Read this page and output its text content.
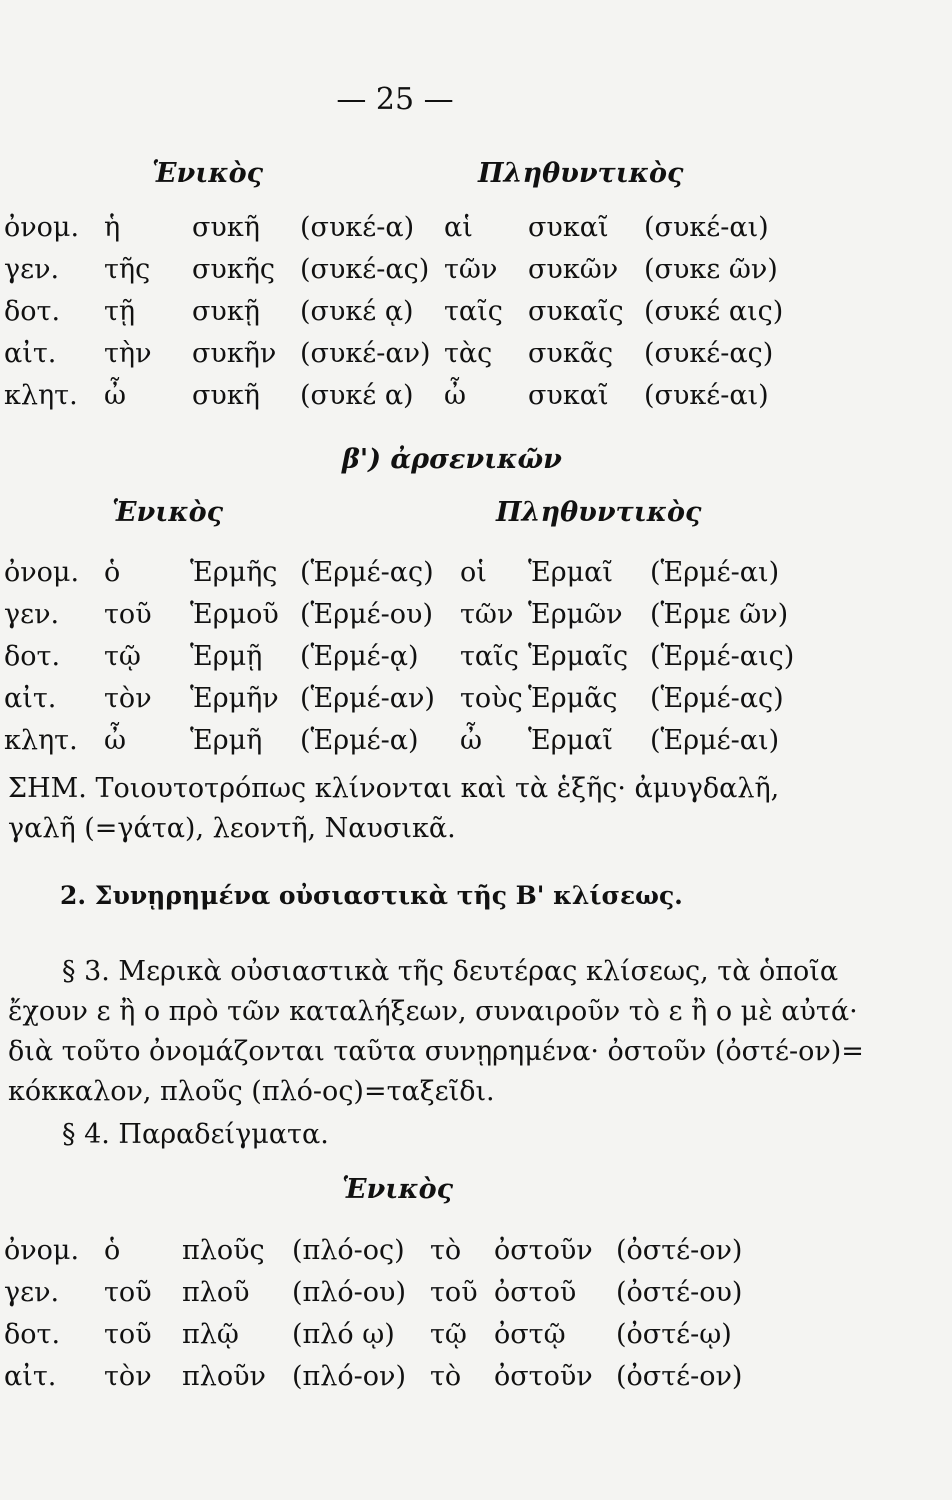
— 25 —
Ἑνικὸς	Πληθυντικὸς
ὀνομ. ἡ	συκῆ (συκέ-α) αἱ συκαῖ (συκέ-αι)
γεν. τῆς συκῆς (συκέ-ας) τῶν συκῶν (συκε ῶν)
δοτ. τῇ συκῇ (συκέ ᾳ) ταῖς συκαῖς (συκέ αις)
αἰτ. τὴν συκῆν (συκέ-αν) τὰς συκᾶς (συκέ-ας)
κλητ. ὦ συκῆ (συκέ α) ὦ συκαῖ (συκέ-αι)
β') ἀρσενικῶν
Ἑνικὸς	Πληθυντικὸς
ὀνομ. ὁ	Ἑρμῆς (Ἑρμέ-ας) οἱ Ἑρμαῖ (Ἑρμέ-αι)
γεν. τοῦ Ἑρμοῦ (Ἑρμέ-ου) τῶν Ἑρμῶν (Ἑρμε ῶν)
δοτ. τῷ Ἑρμῇ (Ἑρμέ-ᾳ) ταῖς Ἑρμαῖς (Ἑρμέ-αις)
αἰτ. τὸν Ἑρμῆν (Ἑρμέ-αν) τοὺς Ἑρμᾶς (Ἑρμέ-ας)
κλητ. ὦ Ἑρμῆ (Ἑρμέ-α) ὦ Ἑρμαῖ (Ἑρμέ-αι)
ΣΗΜ. Τοιουτοτρόπως κλίνονται καὶ τὰ ἑξῆς· ἀμυγδαλῆ,
γαλῆ (=γάτα), λεοντῆ, Ναυσικᾶ.
2. Συνῃρημένα οὐσιαστικὰ τῆς Β' κλίσεως.
§ 3. Μερικὰ οὐσιαστικὰ τῆς δευτέρας κλίσεως, τὰ ὁποῖα
ἔχουν ε ἢ ο πρὸ τῶν καταλήξεων, συναιροῦν τὸ ε ἢ ο μὲ αὐτά·
διὰ τοῦτο ὀνομάζονται ταῦτα συνῃρημένα· ὀστοῦν (ὀστέ-ον)=
κόκκαλον, πλοῦς (πλό-ος)=ταξεῖδι.
§ 4. Παραδείγματα.
Ἑνικὸς
ὀνομ. ὁ πλοῦς (πλό-ος) τὸ ὀστοῦν (ὀστέ-ον)
γεν. τοῦ πλοῦ (πλό-ου) τοῦ ὀστοῦ (ὀστέ-ου)
δοτ. τοῦ πλῷ (πλό ῳ) τῷ ὀστῷ (ὀστέ-ῳ)
αἰτ. τὸν πλοῦν (πλό-ον) τὸ ὀστοῦν (ὀστέ-ον)
